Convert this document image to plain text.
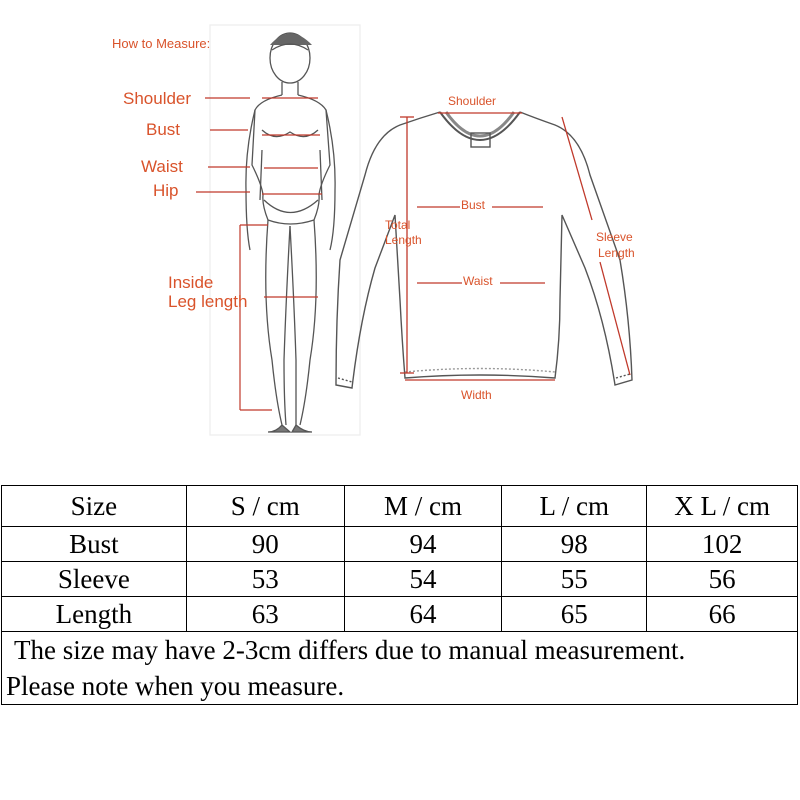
How to Measure:
Shoulder
Bust
Waist
Hip
Inside
Leg length
Shoulder
Bust
Total
Length
Waist
Sleeve
Length
Width
Size	S / cm	M / cm	L / cm	X L / cm
Bust	90	94	98	102
Sleeve	53	54	55	56
Length	63	64	65	66

The size may have 2-3cm differs due to manual measurement.
Please note when you measure.				
